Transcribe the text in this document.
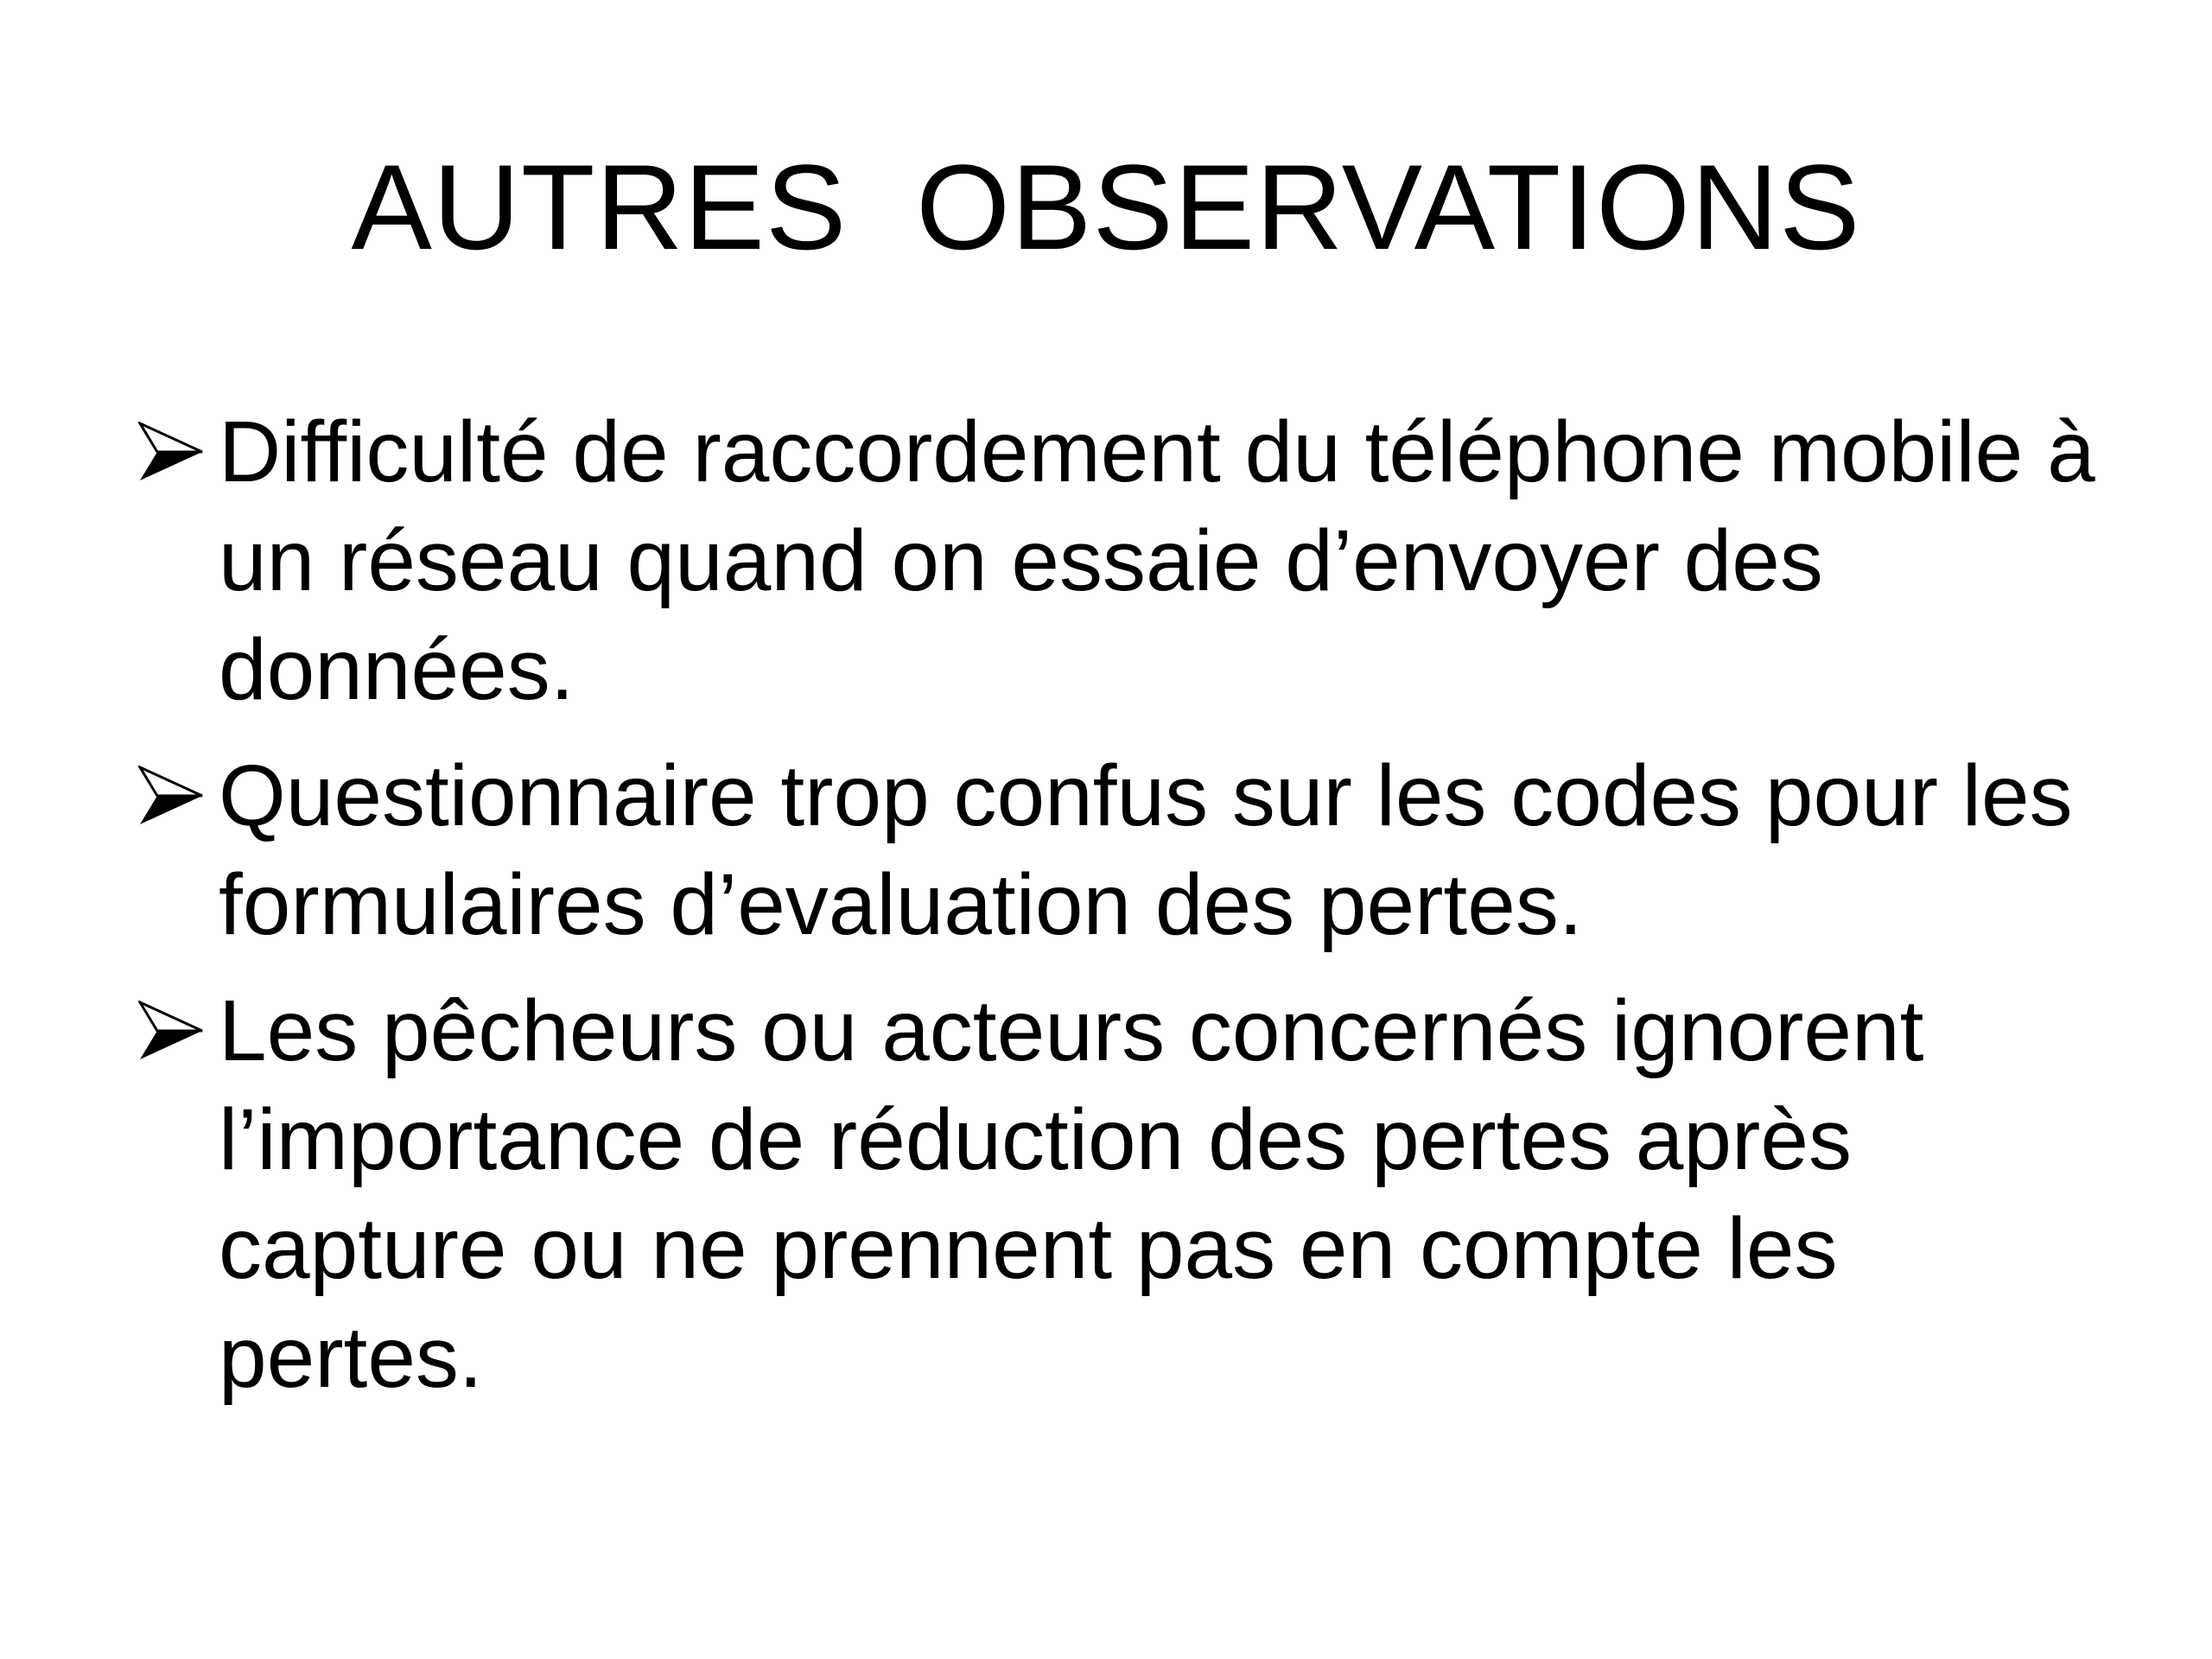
AUTRES  OBSERVATIONS
Difficulté de raccordement du téléphone mobile à un réseau quand on essaie d’envoyer des données.
Questionnaire trop confus sur les codes pour les formulaires d’evaluation des pertes.
Les pêcheurs ou acteurs concernés ignorent l’importance de réduction des pertes après capture ou ne prennent pas en compte les pertes.
